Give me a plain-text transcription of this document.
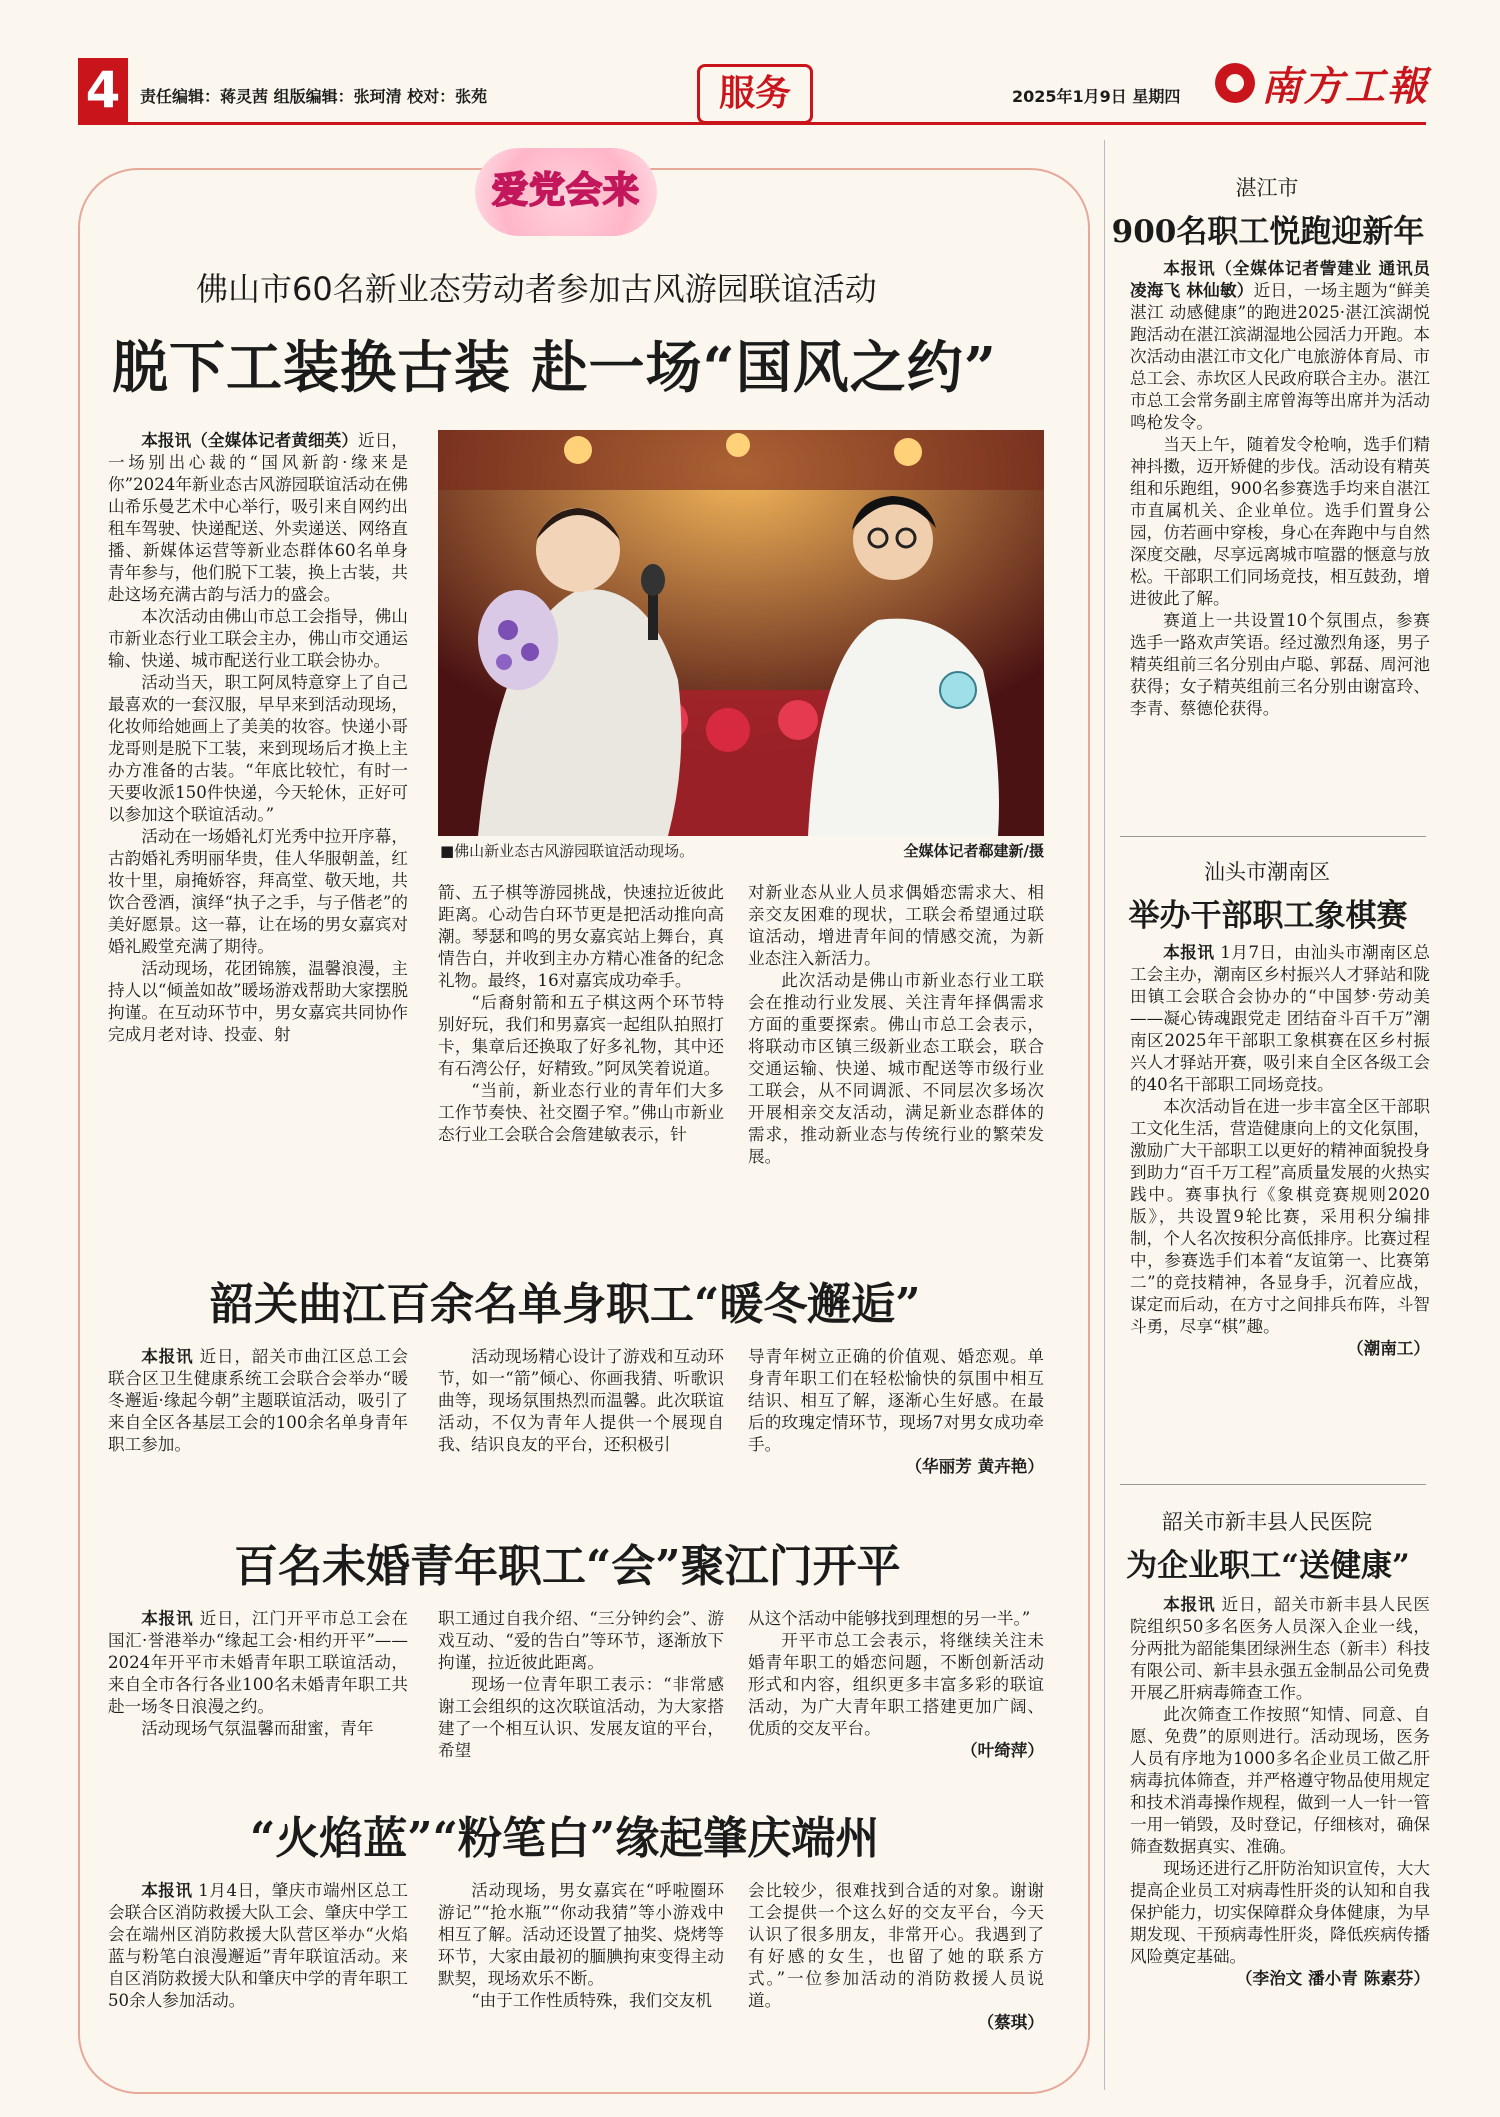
4	责任编辑：蒋灵茜 组版编辑：张珂清 校对：张苑	服务	2025年1月9日 星期四 南方工報
爱党会来
佛山市60名新业态劳动者参加古风游园联谊活动
脱下工装换古装 赴一场“国风之约”

本报讯（全媒体记者黄细英）近日，一场别出心裁的“国风新韵·缘来是你”2024年新业态古风游园联谊活动在佛山希乐曼艺术中心举行，吸引来自网约出租车驾驶、快递配送、外卖递送、网络直播、新媒体运营等新业态群体60名单身青年参与，他们脱下工装，换上古装，共赴这场充满古韵与活力的盛会。

本次活动由佛山市总工会指导，佛山市新业态行业工联会主办，佛山市交通运输、快递、城市配送行业工联会协办。

活动当天，职工阿凤特意穿上了自己最喜欢的一套汉服，早早来到活动现场，化妆师给她画上了美美的妆容。快递小哥龙哥则是脱下工装，来到现场后才换上主办方准备的古装。“年底比较忙，有时一天要收派150件快递，今天轮休，正好可以参加这个联谊活动。”

活动在一场婚礼灯光秀中拉开序幕，古韵婚礼秀明丽华贵，佳人华服朝盖，红妆十里，扇掩娇容，拜高堂、敬天地，共饮合卺酒，演绎“执子之手，与子偕老”的美好愿景。这一幕，让在场的男女嘉宾对婚礼殿堂充满了期待。

活动现场，花团锦簇，温馨浪漫，主持人以“倾盖如故”暖场游戏帮助大家摆脱拘谨。在互动环节中，男女嘉宾共同协作完成月老对诗、投壶、射

■佛山新业态古风游园联谊活动现场。	全媒体记者郗建新/摄

箭、五子棋等游园挑战，快速拉近彼此距离。心动告白环节更是把活动推向高潮。琴瑟和鸣的男女嘉宾站上舞台，真情告白，并收到主办方精心准备的纪念礼物。最终，16对嘉宾成功牵手。

“后裔射箭和五子棋这两个环节特别好玩，我们和男嘉宾一起组队拍照打卡，集章后还换取了好多礼物，其中还有石湾公仔，好精致。”阿凤笑着说道。

“当前，新业态行业的青年们大多工作节奏快、社交圈子窄。”佛山市新业态行业工会联合会詹建敏表示，针

对新业态从业人员求偶婚恋需求大、相亲交友困难的现状，工联会希望通过联谊活动，增进青年间的情感交流，为新业态注入新活力。

此次活动是佛山市新业态行业工联会在推动行业发展、关注青年择偶需求方面的重要探索。佛山市总工会表示，将联动市区镇三级新业态工联会，联合交通运输、快递、城市配送等市级行业工联会，从不同调派、不同层次多场次开展相亲交友活动，满足新业态群体的需求，推动新业态与传统行业的繁荣发展。

韶关曲江百余名单身职工“暖冬邂逅”

本报讯 近日，韶关市曲江区总工会联合区卫生健康系统工会联合会举办“暖冬邂逅·缘起今朝”主题联谊活动，吸引了来自全区各基层工会的100余名单身青年职工参加。

活动现场精心设计了游戏和互动环节，如一“箭”倾心、你画我猜、听歌识曲等，现场氛围热烈而温馨。此次联谊活动，不仅为青年人提供一个展现自我、结识良友的平台，还积极引

导青年树立正确的价值观、婚恋观。单身青年职工们在轻松愉快的氛围中相互结识、相互了解，逐渐心生好感。在最后的玫瑰定情环节，现场7对男女成功牵手。

（华丽芳 黄卉艳）
百名未婚青年职工“会”聚江门开平

本报讯 近日，江门开平市总工会在国汇·誉港举办“缘起工会·相约开平”——2024年开平市未婚青年职工联谊活动，来自全市各行各业100名未婚青年职工共赴一场冬日浪漫之约。

活动现场气氛温馨而甜蜜，青年

职工通过自我介绍、“三分钟约会”、游戏互动、“爱的告白”等环节，逐渐放下拘谨，拉近彼此距离。

现场一位青年职工表示：“非常感谢工会组织的这次联谊活动，为大家搭建了一个相互认识、发展友谊的平台，希望

从这个活动中能够找到理想的另一半。”

开平市总工会表示，将继续关注未婚青年职工的婚恋问题，不断创新活动形式和内容，组织更多丰富多彩的联谊活动，为广大青年职工搭建更加广阔、优质的交友平台。

（叶绮萍）
“火焰蓝”“粉笔白”缘起肇庆端州

本报讯 1月4日，肇庆市端州区总工会联合区消防救援大队工会、肇庆中学工会在端州区消防救援大队营区举办“火焰蓝与粉笔白浪漫邂逅”青年联谊活动。来自区消防救援大队和肇庆中学的青年职工50余人参加活动。

活动现场，男女嘉宾在“呼啦圈环游记”“抢水瓶”“你动我猜”等小游戏中相互了解。活动还设置了抽奖、烧烤等环节，大家由最初的腼腆拘束变得主动默契，现场欢乐不断。

“由于工作性质特殊，我们交友机

会比较少，很难找到合适的对象。谢谢工会提供一个这么好的交友平台，今天认识了很多朋友，非常开心。我遇到了有好感的女生，也留了她的联系方式。”一位参加活动的消防救援人员说道。

（蔡琪）
湛江市
900名职工悦跑迎新年

本报讯（全媒体记者訾建业 通讯员凌海飞 林仙敏）近日，一场主题为“鲜美湛江 动感健康”的跑进2025·湛江滨湖悦跑活动在湛江滨湖湿地公园活力开跑。本次活动由湛江市文化广电旅游体育局、市总工会、赤坎区人民政府联合主办。湛江市总工会常务副主席曾海等出席并为活动鸣枪发令。

当天上午，随着发令枪响，选手们精神抖擞，迈开矫健的步伐。活动设有精英组和乐跑组，900名参赛选手均来自湛江市直属机关、企业单位。选手们置身公园，仿若画中穿梭，身心在奔跑中与自然深度交融，尽享远离城市喧嚣的惬意与放松。干部职工们同场竞技，相互鼓劲，增进彼此了解。

赛道上一共设置10个氛围点，参赛选手一路欢声笑语。经过激烈角逐，男子精英组前三名分别由卢聪、郭磊、周河池获得；女子精英组前三名分别由谢富玲、李青、蔡德伦获得。

汕头市潮南区
举办干部职工象棋赛

本报讯 1月7日，由汕头市潮南区总工会主办，潮南区乡村振兴人才驿站和陇田镇工会联合会协办的“中国梦·劳动美——凝心铸魂跟党走 团结奋斗百千万”潮南区2025年干部职工象棋赛在区乡村振兴人才驿站开赛，吸引来自全区各级工会的40名干部职工同场竞技。

本次活动旨在进一步丰富全区干部职工文化生活，营造健康向上的文化氛围，激励广大干部职工以更好的精神面貌投身到助力“百千万工程”高质量发展的火热实践中。赛事执行《象棋竞赛规则2020版》，共设置9轮比赛，采用积分编排制，个人名次按积分高低排序。比赛过程中，参赛选手们本着“友谊第一、比赛第二”的竞技精神，各显身手，沉着应战，谋定而后动，在方寸之间排兵布阵，斗智斗勇，尽享“棋”趣。

（潮南工）
韶关市新丰县人民医院
为企业职工“送健康”

本报讯 近日，韶关市新丰县人民医院组织50多名医务人员深入企业一线，分两批为韶能集团绿洲生态（新丰）科技有限公司、新丰县永强五金制品公司免费开展乙肝病毒筛查工作。

此次筛查工作按照“知情、同意、自愿、免费”的原则进行。活动现场，医务人员有序地为1000多名企业员工做乙肝病毒抗体筛查，并严格遵守物品使用规定和技术消毒操作规程，做到一人一针一管一用一销毁，及时登记，仔细核对，确保筛查数据真实、准确。

现场还进行乙肝防治知识宣传，大大提高企业员工对病毒性肝炎的认知和自我保护能力，切实保障群众身体健康，为早期发现、干预病毒性肝炎，降低疾病传播风险奠定基础。

（李治文 潘小青 陈素芬）
